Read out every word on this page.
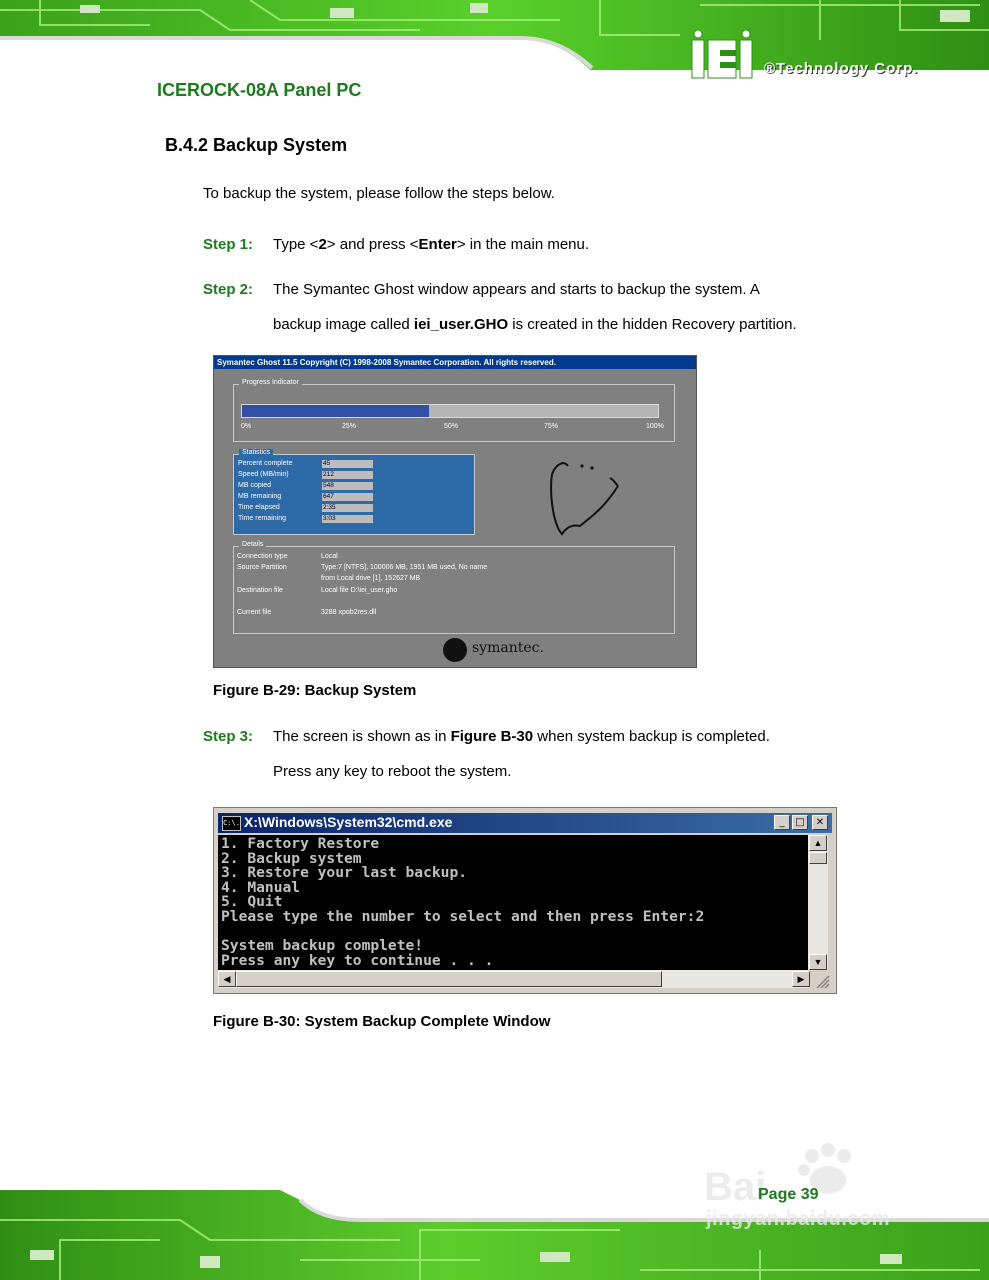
ICEROCK-08A Panel PC
®Technology Corp.
B.4.2 Backup System
To backup the system, please follow the steps below.
Step 1: Type <2> and press <Enter> in the main menu.
Step 2: The Symantec Ghost window appears and starts to backup the system. A
backup image called iei_user.GHO is created in the hidden Recovery partition.
Symantec Ghost 11.5 Copyright (C) 1998-2008 Symantec Corporation. All rights reserved.
Progress Indicator
0%	25%	50%	75%	100%
Statistics
Percent complete	45
Speed (MB/min)	212
MB copied	548
MB remaining	647
Time elapsed	2:35
Time remaining	3:03
Details
Connection type	Local
Source Partition	Type:7 [NTFS], 100006 MB, 1951 MB used, No name
from Local drive [1], 152627 MB
Destination file	Local file D:\iei_user.gho
Current file	3288 xpob2res.dll
symantec.
Figure B-29: Backup System
Step 3: The screen is shown as in Figure B-30 when system backup is completed.
Press any key to reboot the system.
C:\. X:\Windows\System32\cmd.exe	_	□	✕
1. Factory Restore
2. Backup system
3. Restore your last backup.
4. Manual
5. Quit
Please type the number to select and then press Enter:2
System backup complete!
Press any key to continue . . .
▲
▼
◀	▶
Figure B-30: System Backup Complete Window
Bai
jingyan.baidu.com
Page 39
